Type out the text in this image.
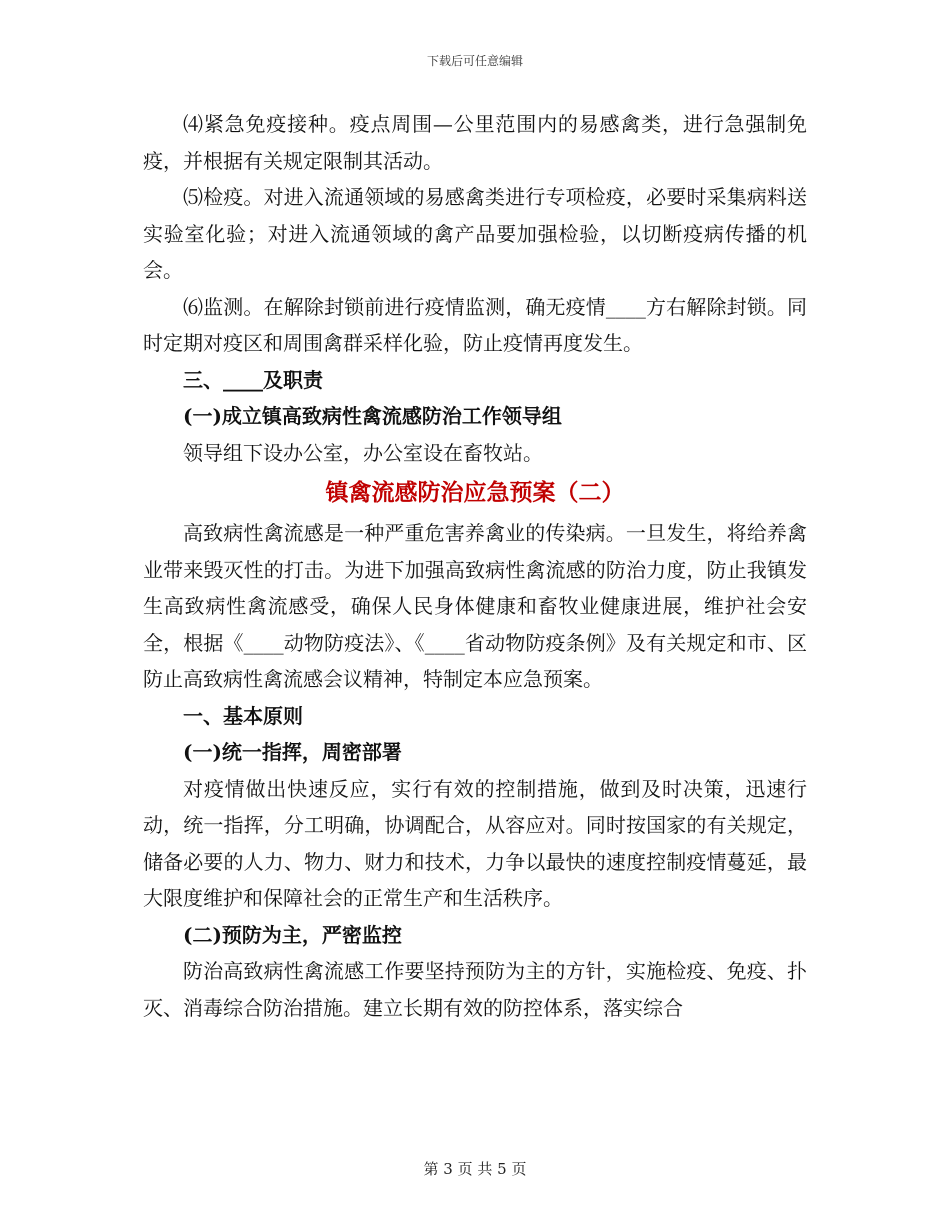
下载后可任意编辑

⑷紧急免疫接种。疫点周围—公里范围内的易感禽类，进行急强制免疫，并根据有关规定限制其活动。

⑸检疫。对进入流通领域的易感禽类进行专项检疫，必要时采集病料送实验室化验；对进入流通领域的禽产品要加强检验，以切断疫病传播的机会。

⑹监测。在解除封锁前进行疫情监测，确无疫情____方右解除封锁。同时定期对疫区和周围禽群采样化验，防止疫情再度发生。

三、____及职责

(一)成立镇高致病性禽流感防治工作领导组

领导组下设办公室，办公室设在畜牧站。

镇禽流感防治应急预案（二）

高致病性禽流感是一种严重危害养禽业的传染病。一旦发生，将给养禽业带来毁灭性的打击。为进下加强高致病性禽流感的防治力度，防止我镇发生高致病性禽流感受，确保人民身体健康和畜牧业健康进展，维护社会安全，根据《____动物防疫法》、《____省动物防疫条例》及有关规定和市、区防止高致病性禽流感会议精神，特制定本应急预案。

一、基本原则

(一)统一指挥，周密部署

对疫情做出快速反应，实行有效的控制措施，做到及时决策，迅速行动，统一指挥，分工明确，协调配合，从容应对。同时按国家的有关规定，储备必要的人力、物力、财力和技术，力争以最快的速度控制疫情蔓延，最大限度维护和保障社会的正常生产和生活秩序。

(二)预防为主，严密监控

防治高致病性禽流感工作要坚持预防为主的方针，实施检疫、免疫、扑灭、消毒综合防治措施。建立长期有效的防控体系，落实综合

第 3 页 共 5 页
